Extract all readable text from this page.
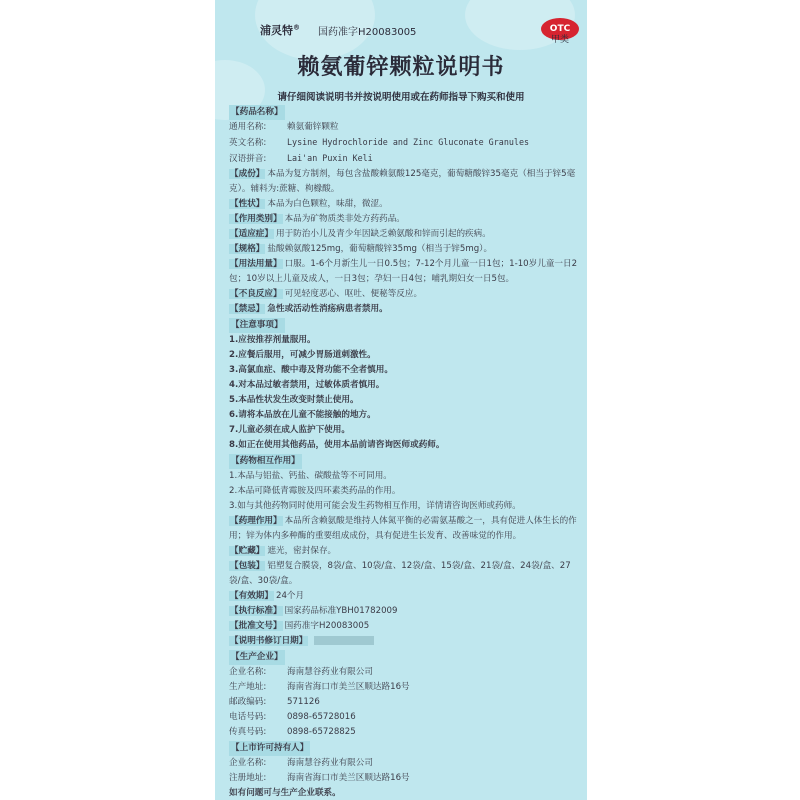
浦灵特® 国药准字H20083005	OTC
甲类
赖氨葡锌颗粒说明书
请仔细阅读说明书并按说明使用或在药师指导下购买和使用
【药品名称】
通用名称: 赖氨葡锌颗粒
英文名称: Lysine Hydrochloride and Zinc Gluconate Granules
汉语拼音: Lai'an Puxin Keli
【成份】 本品为复方制剂，每包含盐酸赖氨酸125毫克，葡萄糖酸锌35毫克（相当于锌5毫克）。辅料为:蔗糖、枸橼酸。
【性状】 本品为白色颗粒，味甜，微涩。
【作用类别】 本品为矿物质类非处方药药品。
【适应症】 用于防治小儿及青少年因缺乏赖氨酸和锌而引起的疾病。
【规格】 盐酸赖氨酸125mg，葡萄糖酸锌35mg（相当于锌5mg）。
【用法用量】 口服。1-6个月新生儿一日0.5包；7-12个月儿童一日1包；1-10岁儿童一日2包；10岁以上儿童及成人，一日3包；孕妇一日4包；哺乳期妇女一日5包。
【不良反应】 可见轻度恶心、呕吐、便秘等反应。
【禁忌】 急性或活动性消疡病患者禁用。
【注意事项】
1.应按推荐剂量服用。
2.应餐后服用，可减少胃肠道刺激性。
3.高氯血症、酸中毒及肾功能不全者慎用。
4.对本品过敏者禁用，过敏体质者慎用。
5.本品性状发生改变时禁止使用。
6.请将本品放在儿童不能接触的地方。
7.儿童必须在成人监护下使用。
8.如正在使用其他药品，使用本品前请咨询医师或药师。
【药物相互作用】
1.本品与铝盐、钙盐、碳酸盐等不可同用。
2.本品可降低青霉胺及四环素类药品的作用。
3.如与其他药物同时使用可能会发生药物相互作用，详情请咨询医师或药师。
【药理作用】 本品所含赖氨酸是维持人体氮平衡的必需氨基酸之一，具有促进人体生长的作用；锌为体内多种酶的重要组成成份，具有促进生长发育、改善味觉的作用。
【贮藏】 遮光，密封保存。
【包装】 铝塑复合膜袋，8袋/盒、10袋/盒、12袋/盒、15袋/盒、21袋/盒、24袋/盒、27袋/盒、30袋/盒。
【有效期】 24个月
【执行标准】 国家药品标准YBH01782009
【批准文号】 国药准字H20083005
【说明书修订日期】
【生产企业】
企业名称: 海南慧谷药业有限公司
生产地址: 海南省海口市美兰区顺达路16号
邮政编码: 571126
电话号码: 0898-65728016
传真号码: 0898-65728825
【上市许可持有人】
企业名称: 海南慧谷药业有限公司
注册地址: 海南省海口市美兰区顺达路16号
如有问题可与生产企业联系。
